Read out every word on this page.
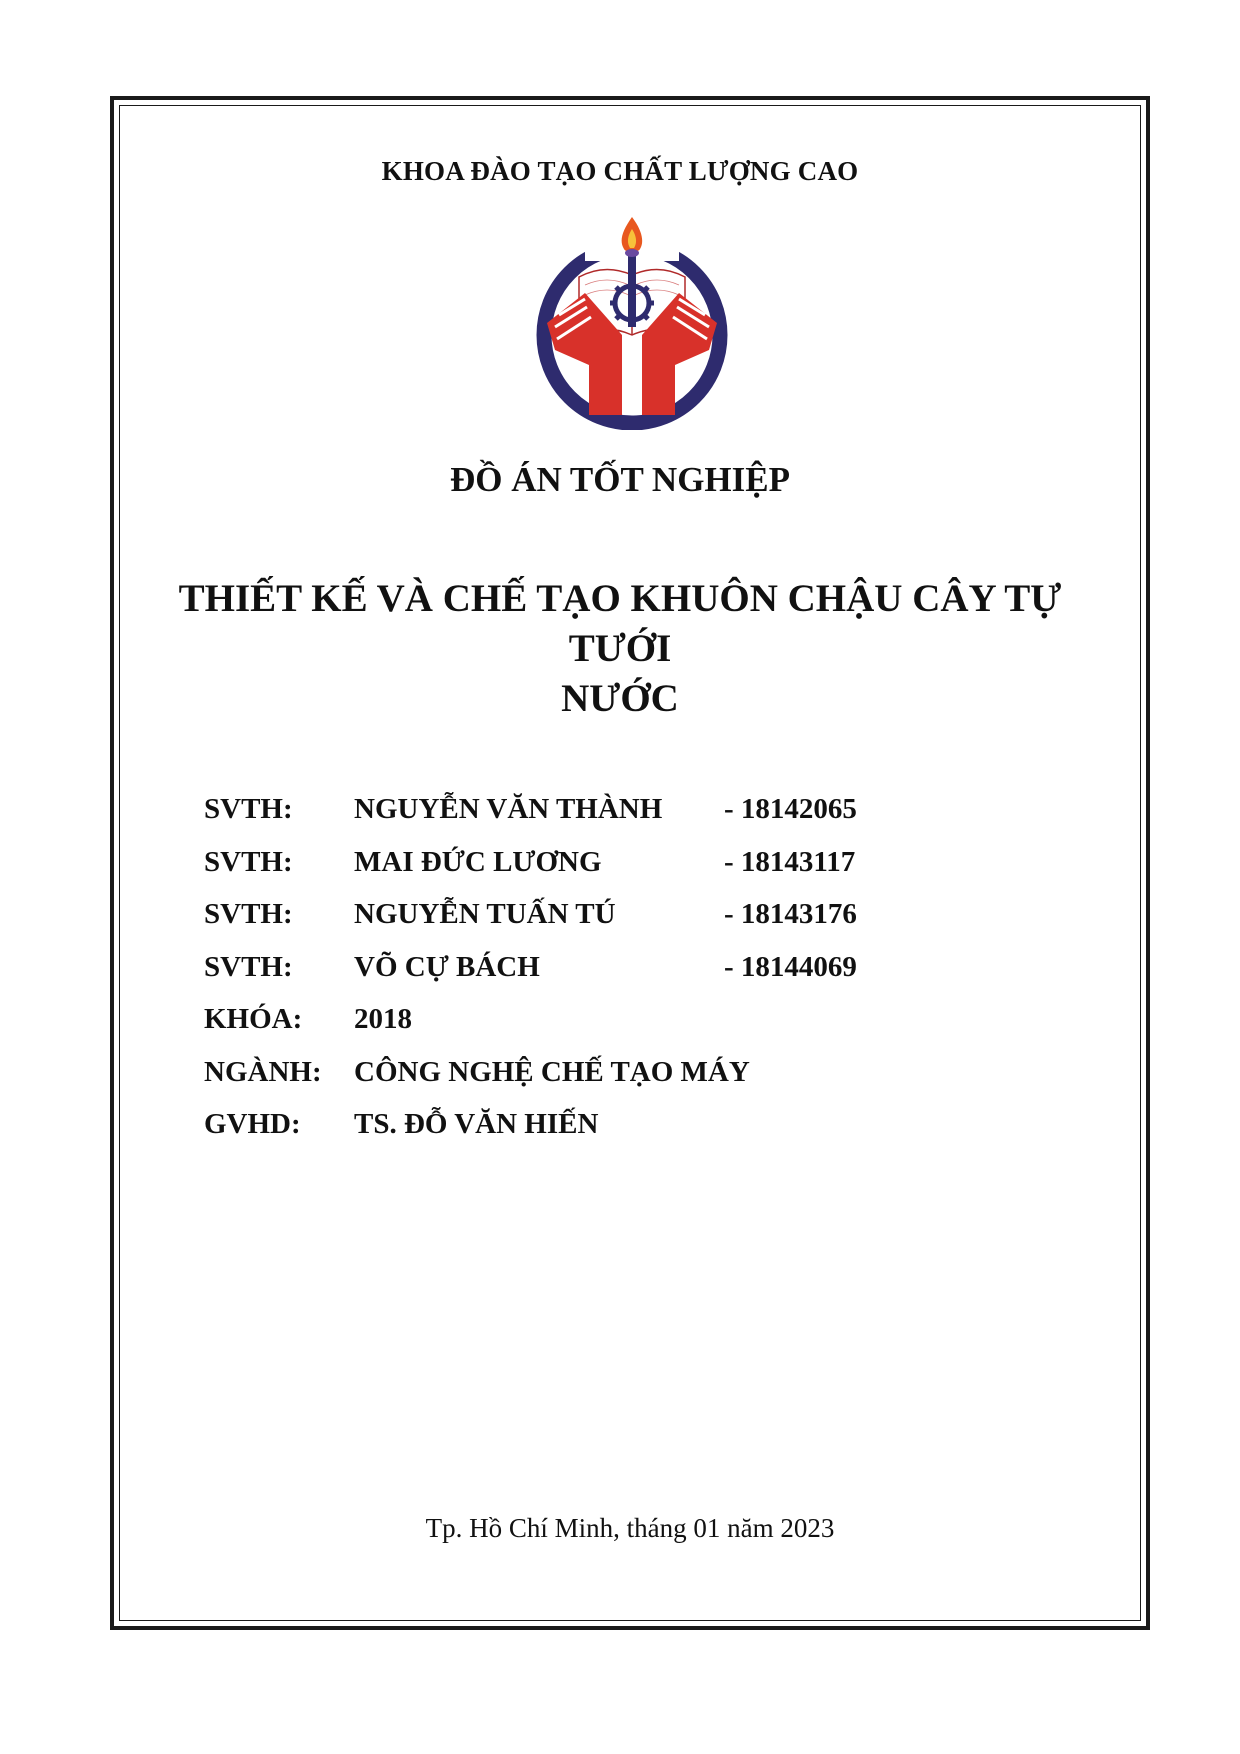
KHOA ĐÀO TẠO CHẤT LƯỢNG CAO
ĐỒ ÁN TỐT NGHIỆP
THIẾT KẾ VÀ CHẾ TẠO KHUÔN CHẬU CÂY TỰ TƯỚI
NƯỚC
SVTH: NGUYỄN VĂN THÀNH - 18142065
SVTH: MAI ĐỨC LƯƠNG	- 18143117
SVTH: NGUYỄN TUẤN TÚ	- 18143176
SVTH: VÕ CỰ BÁCH	- 18144069
KHÓA: 2018
NGÀNH: CÔNG NGHỆ CHẾ TẠO MÁY
GVHD: TS. ĐỖ VĂN HIẾN
Tp. Hồ Chí Minh, tháng 01 năm 2023
